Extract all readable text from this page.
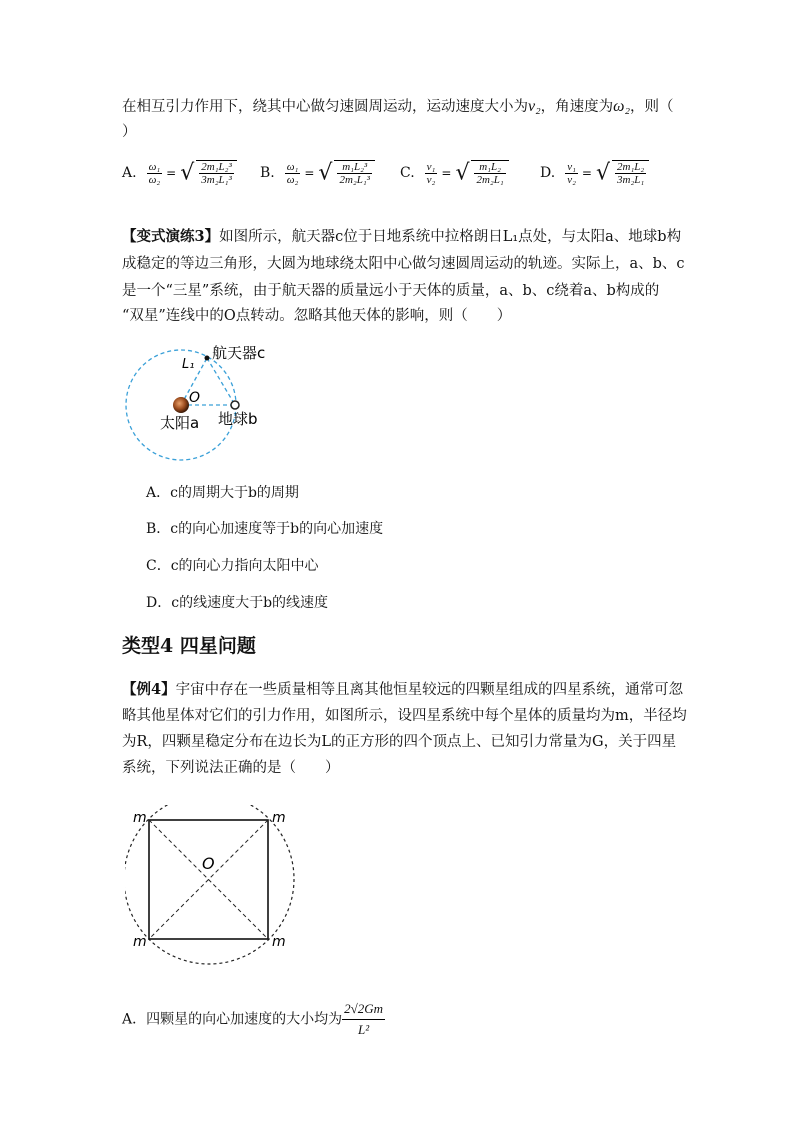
在相互引力作用下，绕其中心做匀速圆周运动，运动速度大小为v₂，角速度为ω₂，则（
）
A. $\frac{\text{ω₁}}{\text{ω₂}}$ = √ $\frac{\text{2m₁L₂³}}{\text{3m₂L₁³}} B$. $\frac{\text{ω₁}}{\text{ω₂}}$ = √ $\frac{\text{m₁L₂³}}{\text{2m₂L₁³}} C$. $\frac{\text{v₁}}{\text{v₂}}$ = √ $\frac{\text{m₁L₂}}{\text{2m₂L₁}} D$. $\frac{\text{v₁}}{\text{v₂}}$ = √ $\frac{\text{2m₁L₂}}{\text{3m₂L₁}}$
【变式演练3】如图所示，航天器c位于日地系统中拉格朗日L₁点处，与太阳a、地球b构
成稳定的等边三角形，大圆为地球绕太阳中心做匀速圆周运动的轨迹。实际上，a、b、c
是一个“三星”系统，由于航天器的质量远小于天体的质量，a、b、c绕着a、b构成的
“双星”连线中的O点转动。忽略其他天体的影响，则（　　）
航天器c
L₁
O
太阳a 地球b
A．c的周期大于b的周期
B．c的向心加速度等于b的向心加速度
C．c的向心力指向太阳中心
D．c的线速度大于b的线速度
类型4 四星问题
【例4】宇宙中存在一些质量相等且离其他恒星较远的四颗星组成的四星系统，通常可忽
略其他星体对它们的引力作用，如图所示，设四星系统中每个星体的质量均为m，半径均
为R，四颗星稳定分布在边长为L的正方形的四个顶点上、已知引力常量为G，关于四星
系统，下列说法正确的是（　　）
m	m
m	m
O
A．四颗星的向心加速度的大小均为 $\frac{2√2Gm}{\text{L²}}$
